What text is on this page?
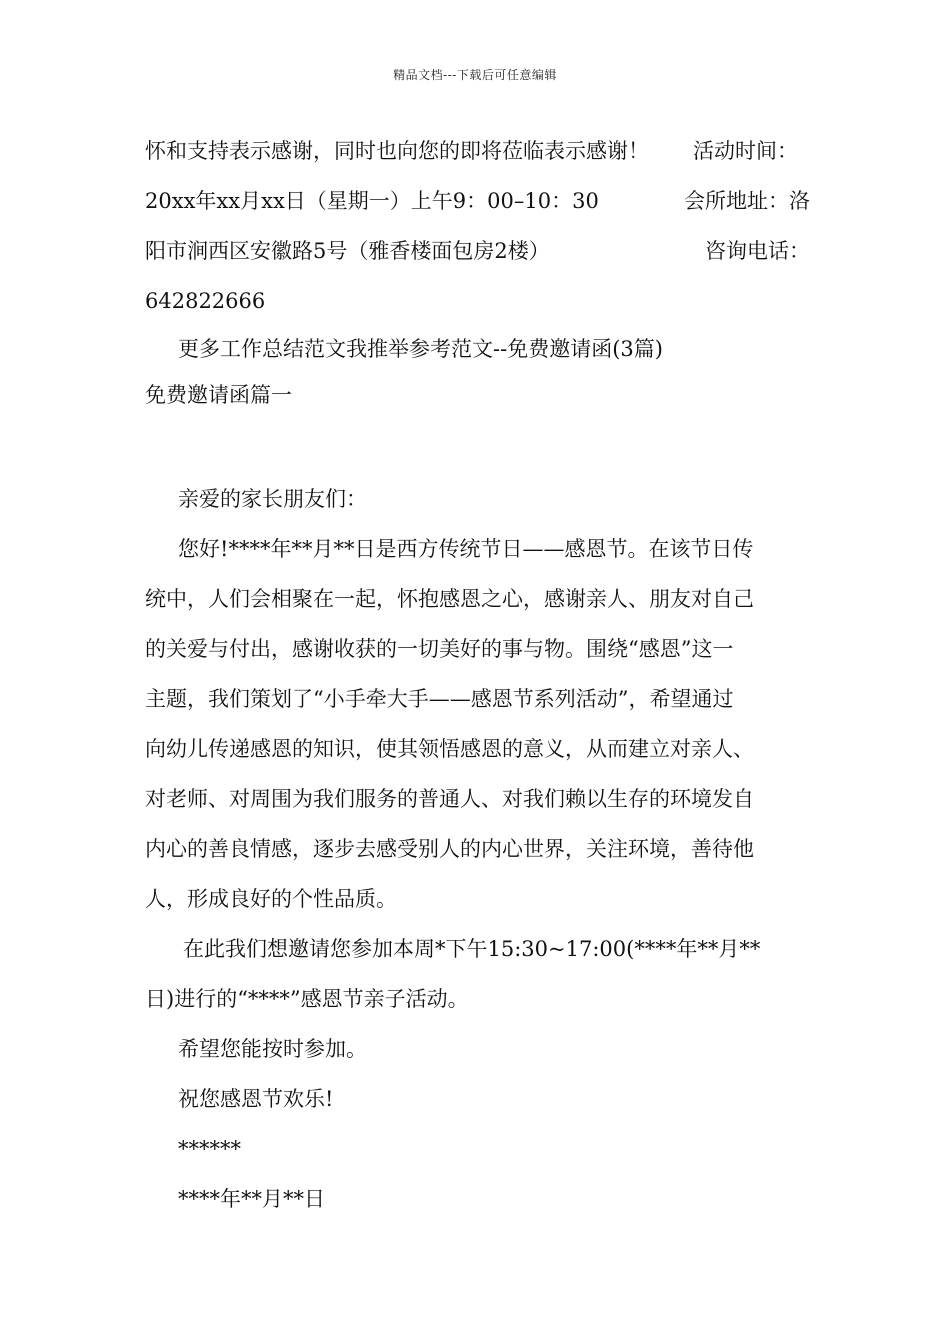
精品文档---下载后可任意编辑
怀和支持表示感谢，同时也向您的即将莅临表示感谢！ 活动时间：
20xx年xx月xx日（星期一）上午9：00–10：30	会所地址：洛
阳市涧西区安徽路5号（雅香楼面包房2楼）	咨询电话：
642822666
更多工作总结范文我推举参考范文--免费邀请函(3篇)
免费邀请函篇一
亲爱的家长朋友们：
您好!****年**月**日是西方传统节日——感恩节。在该节日传
统中，人们会相聚在一起，怀抱感恩之心，感谢亲人、朋友对自己
的关爱与付出，感谢收获的一切美好的事与物。围绕“感恩”这一
主题，我们策划了“小手牵大手——感恩节系列活动”，希望通过
向幼儿传递感恩的知识，使其领悟感恩的意义，从而建立对亲人、
对老师、对周围为我们服务的普通人、对我们赖以生存的环境发自
内心的善良情感，逐步去感受别人的内心世界，关注环境，善待他
人，形成良好的个性品质。
在此我们想邀请您参加本周*下午15:30~17:00(****年**月**
日)进行的“****”感恩节亲子活动。
希望您能按时参加。
祝您感恩节欢乐!
******
****年**月**日
